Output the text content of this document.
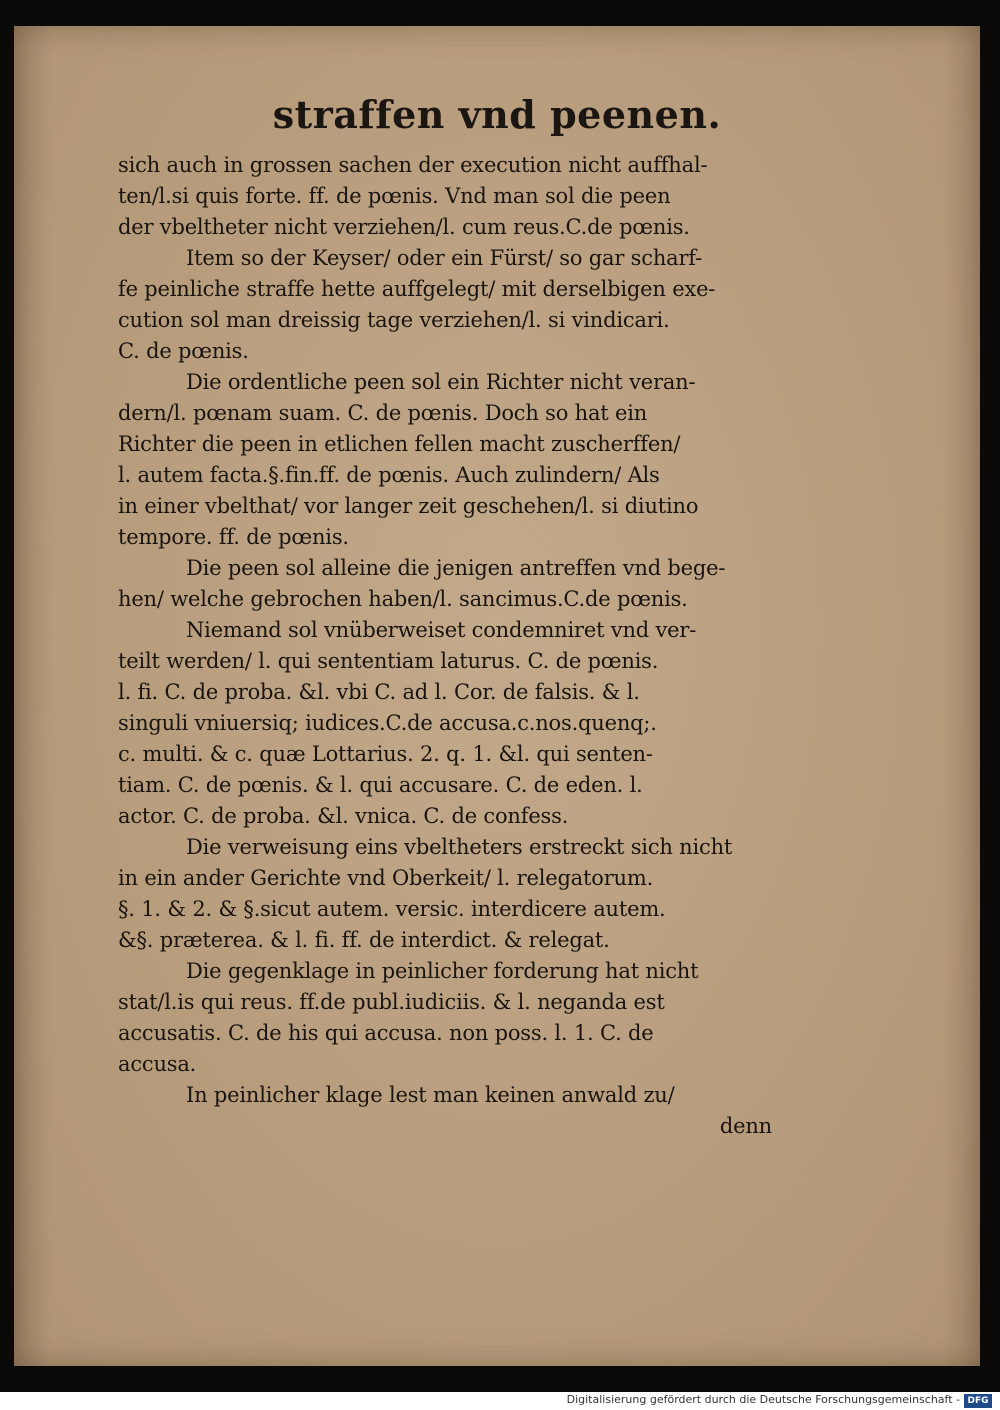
straffen vnd peenen.
sich auch in grossen sachen der execution nicht auffhal-
ten/l.si quis forte. ff. de pœnis. Vnd man sol die peen
der vbeltheter nicht verziehen/l. cum reus.C.de pœnis.
Item so der Keyser/ oder ein Fürst/ so gar scharf-
fe peinliche straffe hette auffgelegt/ mit derselbigen exe-
cution sol man dreissig tage verziehen/l. si vindicari.
C. de pœnis.
Die ordentliche peen sol ein Richter nicht veran-
dern/l. pœnam suam. C. de pœnis. Doch so hat ein
Richter die peen in etlichen fellen macht zuscherffen/
l. autem facta.§.fin.ff. de pœnis. Auch zulindern/ Als
in einer vbelthat/ vor langer zeit geschehen/l. si diutino
tempore. ff. de pœnis.
Die peen sol alleine die jenigen antreffen vnd bege-
hen/ welche gebrochen haben/l. sancimus.C.de pœnis.
Niemand sol vnüberweiset condemniret vnd ver-
teilt werden/ l. qui sententiam laturus. C. de pœnis.
l. fi. C. de proba. &l. vbi C. ad l. Cor. de falsis. & l.
singuli vniuersiq; iudices.C.de accusa.c.nos.quenq;.
c. multi. & c. quæ Lottarius. 2. q. 1. &l. qui senten-
tiam. C. de pœnis. & l. qui accusare. C. de eden. l.
actor. C. de proba. &l. vnica. C. de confess.
Die verweisung eins vbeltheters erstreckt sich nicht
in ein ander Gerichte vnd Oberkeit/ l. relegatorum.
§. 1. & 2. & §.sicut autem. versic. interdicere autem.
&§. præterea. & l. fi. ff. de interdict. & relegat.
Die gegenklage in peinlicher forderung hat nicht
stat/l.is qui reus. ff.de publ.iudiciis. & l. neganda est
accusatis. C. de his qui accusa. non poss. l. 1. C. de
accusa.
In peinlicher klage lest man keinen anwald zu/
denn
Digitalisierung gefördert durch die Deutsche Forschungsgemeinschaft - DFG
